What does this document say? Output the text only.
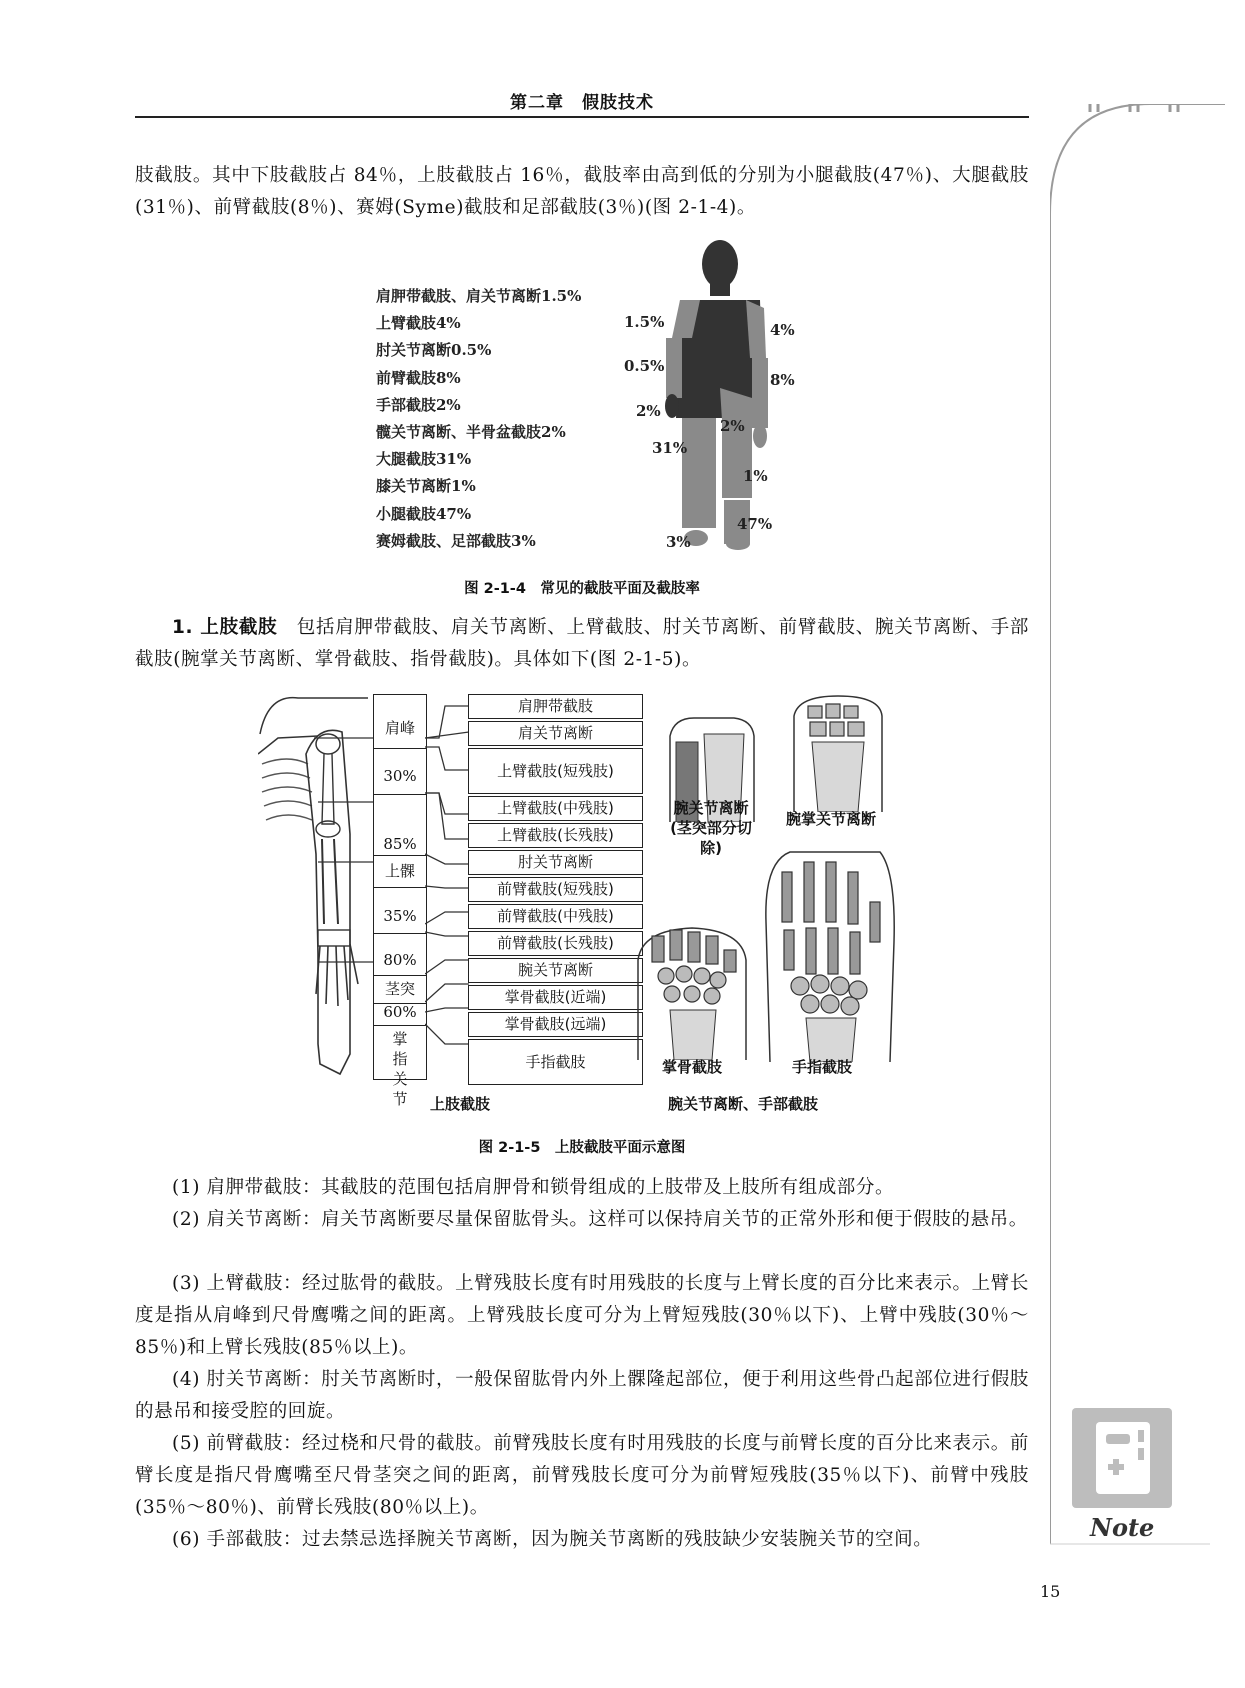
第二章　假肢技术

肢截肢。其中下肢截肢占 84％，上肢截肢占 16％，截肢率由高到低的分别为小腿截肢(47％)、大腿截肢(31％)、前臂截肢(8％)、赛姆(Syme)截肢和足部截肢(3％)(图 2-1-4)。

肩胛带截肢、肩关节离断1.5%
上臂截肢4%
肘关节离断0.5%
前臂截肢8%
手部截肢2%
髋关节离断、半骨盆截肢2%
大腿截肢31%
膝关节离断1%
小腿截肢47%
赛姆截肢、足部截肢3%
1.5%	4%
0.5%
8%
2%
2%
31%
1%
47%
3%
图 2-1-4　常见的截肢平面及截肢率

1. 上肢截肢　 包括肩胛带截肢、肩关节离断、上臂截肢、肘关节离断、前臂截肢、腕关节离断、手部截肢(腕掌关节离断、掌骨截肢、指骨截肢)。具体如下(图 2-1-5)。

肩峰
30%
85%
上髁
35%
80%
茎突
60%
掌指关节
肩胛带截肢
肩关节离断
上臂截肢(短残肢)
上臂截肢(中残肢)
上臂截肢(长残肢)
肘关节离断
前臂截肢(短残肢)
前臂截肢(中残肢)
前臂截肢(长残肢)
腕关节离断
掌骨截肢(近端)
掌骨截肢(远端)
手指截肢
腕关节离断
(茎突部分切除)
腕掌关节离断
掌骨截肢	手指截肢
上肢截肢	腕关节离断、手部截肢
图 2-1-5　上肢截肢平面示意图

(1) 肩胛带截肢：其截肢的范围包括肩胛骨和锁骨组成的上肢带及上肢所有组成部分。

(2) 肩关节离断：肩关节离断要尽量保留肱骨头。这样可以保持肩关节的正常外形和便于假肢的悬吊。

(3) 上臂截肢：经过肱骨的截肢。上臂残肢长度有时用残肢的长度与上臂长度的百分比来表示。上臂长度是指从肩峰到尺骨鹰嘴之间的距离。上臂残肢长度可分为上臂短残肢(30％以下)、上臂中残肢(30％～85％)和上臂长残肢(85％以上)。

(4) 肘关节离断：肘关节离断时，一般保留肱骨内外上髁隆起部位，便于利用这些骨凸起部位进行假肢的悬吊和接受腔的回旋。

(5) 前臂截肢：经过桡和尺骨的截肢。前臂残肢长度有时用残肢的长度与前臂长度的百分比来表示。前臂长度是指尺骨鹰嘴至尺骨茎突之间的距离，前臂残肢长度可分为前臂短残肢(35％以下)、前臂中残肢(35％～80％)、前臂长残肢(80％以上)。

(6) 手部截肢：过去禁忌选择腕关节离断，因为腕关节离断的残肢缺少安装腕关节的空间。	Note
15
